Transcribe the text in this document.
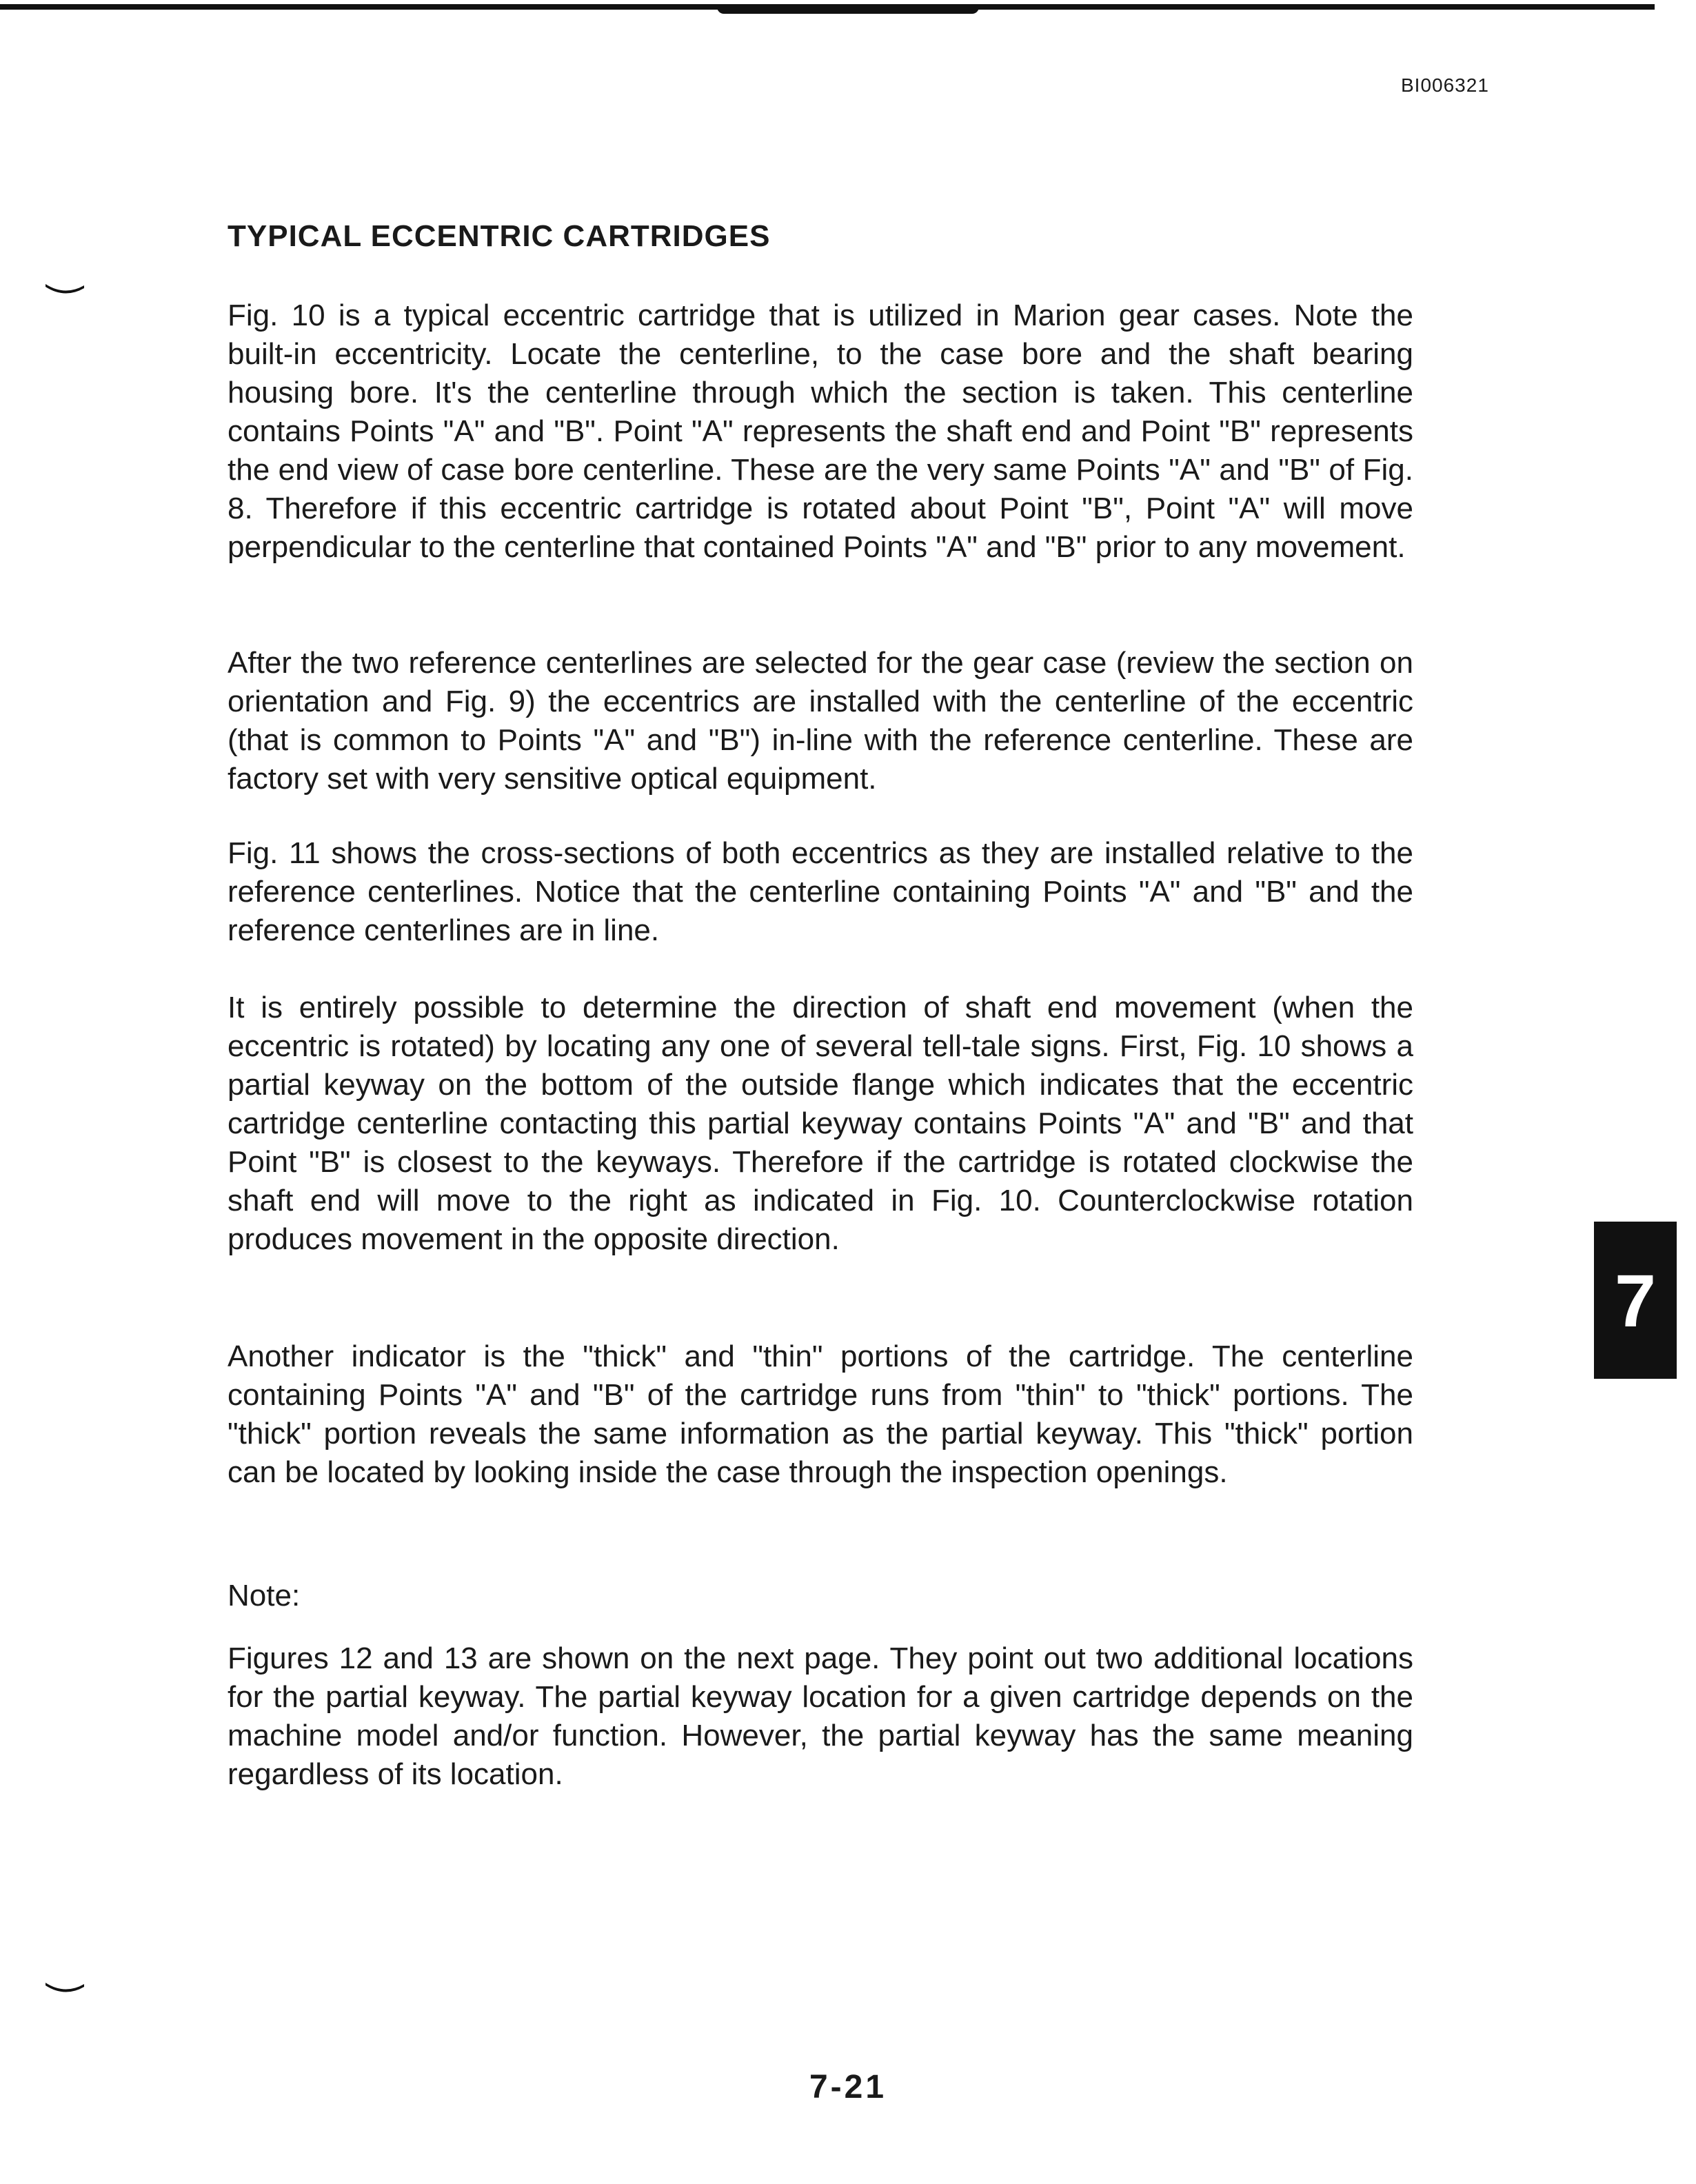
BI006321
TYPICAL ECCENTRIC CARTRIDGES

Fig. 10 is a typical eccentric cartridge that is utilized in Marion gear cases. Note the built-in eccentricity. Locate the centerline, to the case bore and the shaft bearing housing bore. It's the centerline through which the section is taken. This centerline contains Points "A" and "B". Point "A" represents the shaft end and Point "B" represents the end view of case bore centerline. These are the very same Points "A" and "B" of Fig. 8. Therefore if this eccentric cartridge is rotated about Point "B", Point "A" will move perpendicular to the centerline that contained Points "A" and "B" prior to any movement.

After the two reference centerlines are selected for the gear case (review the section on orientation and Fig. 9) the eccentrics are installed with the centerline of the eccentric (that is common to Points "A" and "B") in-line with the reference centerline. These are factory set with very sensitive optical equipment.

Fig. 11 shows the cross-sections of both eccentrics as they are installed relative to the reference centerlines. Notice that the centerline containing Points "A" and "B" and the reference centerlines are in line.

It is entirely possible to determine the direction of shaft end movement (when the eccentric is rotated) by locating any one of several tell-tale signs. First, Fig. 10 shows a partial keyway on the bottom of the outside flange which indicates that the eccentric cartridge centerline contacting this partial keyway contains Points "A" and "B" and that Point "B" is closest to the keyways. Therefore if the cartridge is rotated clockwise the shaft end will move to the right as indicated in Fig. 10. Counterclockwise rotation produces movement in the opposite direction.

Another indicator is the "thick" and "thin" portions of the cartridge. The centerline containing Points "A" and "B" of the cartridge runs from "thin" to "thick" portions. The "thick" portion reveals the same information as the partial keyway. This "thick" portion can be located by looking inside the case through the inspection openings.

Note:

Figures 12 and 13 are shown on the next page. They point out two additional locations for the partial keyway. The partial keyway location for a given cartridge depends on the machine model and/or function. However, the partial keyway has the same meaning regardless of its location.

7
7-21
